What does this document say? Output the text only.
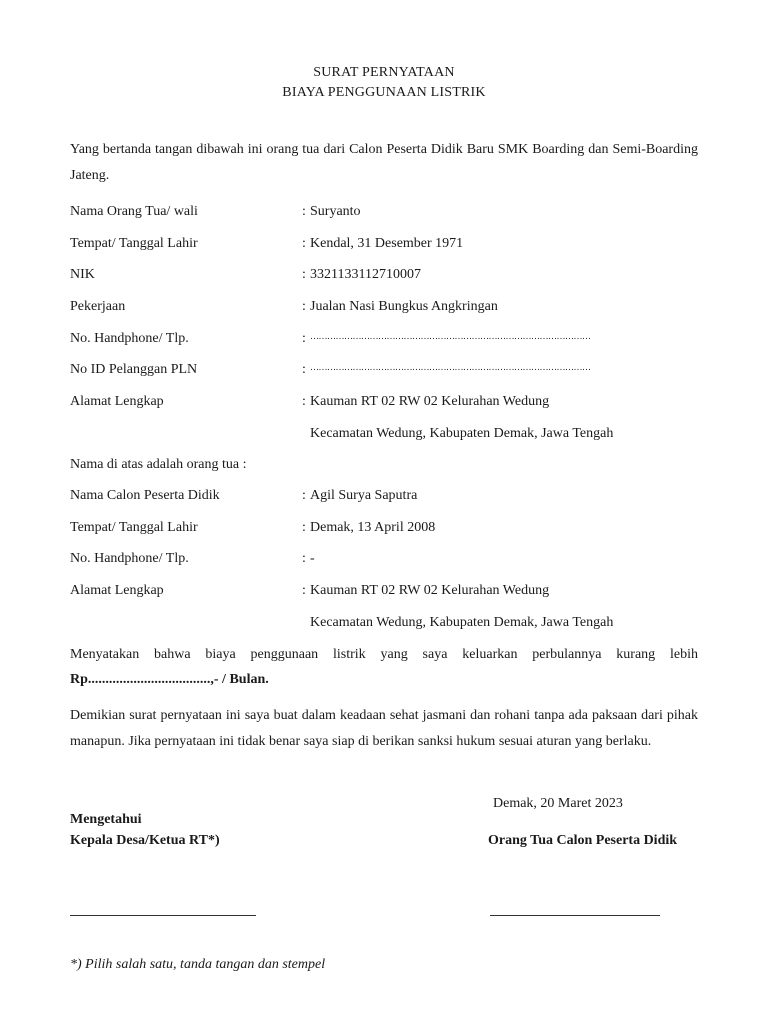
SURAT PERNYATAAN
BIAYA PENGGUNAAN LISTRIK
Yang bertanda tangan dibawah ini orang tua dari Calon Peserta Didik Baru SMK Boarding dan Semi-Boarding Jateng.
Nama Orang Tua/ wali	: Suryanto
Tempat/ Tanggal Lahir	: Kendal, 31 Desember 1971
NIK	: 3321133112710007
Pekerjaan	: Jualan Nasi Bungkus Angkringan
No. Handphone/ Tlp.	: ………………………………………………………………………………………
No ID Pelanggan PLN	: ………………………………………………………………………………………
Alamat Lengkap	: Kauman RT 02 RW 02 Kelurahan Wedung
Kecamatan Wedung, Kabupaten Demak, Jawa Tengah
Nama di atas adalah orang tua :
Nama Calon Peserta Didik	: Agil Surya Saputra
Tempat/ Tanggal Lahir	: Demak, 13 April 2008
No. Handphone/ Tlp.	: -
Alamat Lengkap	: Kauman RT 02 RW 02 Kelurahan Wedung
Kecamatan Wedung, Kabupaten Demak, Jawa Tengah
Menyatakan bahwa biaya penggunaan listrik yang saya keluarkan perbulannya kurang lebih
Rp...................................,- / Bulan.
Demikian surat pernyataan ini saya buat dalam keadaan sehat jasmani dan rohani tanpa ada paksaan dari pihak manapun. Jika pernyataan ini tidak benar saya siap di berikan sanksi hukum sesuai aturan yang berlaku.
Demak, 20 Maret 2023
Mengetahui
Kepala Desa/Ketua RT*)	Orang Tua Calon Peserta Didik
*) Pilih salah satu, tanda tangan dan stempel
